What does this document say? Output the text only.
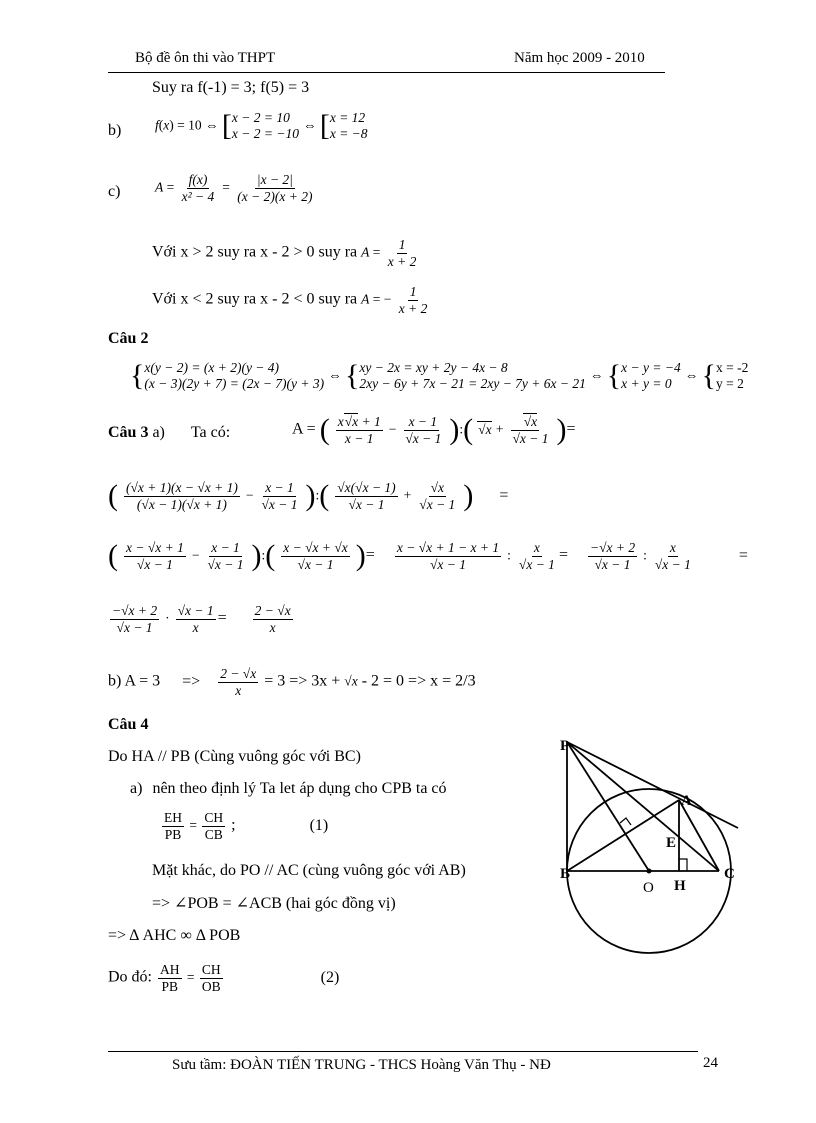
Bộ đề ôn thi vào THPT	Năm học 2009 - 2010
Suy ra f(-1) = 3; f(5) = 3
b) f(x) = 10 ⇔ [ x − 2 = 10
x − 2 = −10
⇔ [ x = 12
x = −8
c)	$A = \frac{f(x)}{\text{x² − 4}} = \frac{|x - 2|}{(x - 2)(x + 2)}$
Với x > 2 suy ra x - 2 > 0 suy ra $A = \frac{1}{x + 2}$
Với x < 2 suy ra x - 2 < 0 suy ra A = − $\frac{1}{x + 2}$
Câu 2
{ x(y − 2) = (x + 2)(y − 4)
(x − 3)(2y + 7) = (2x − 7)(y + 3)
⇔ { xy − 2x = xy + 2y − 4x − 8
2xy − 6y + 7x − 21 = 2xy − 7y + 6x − 21
⇔ { x − y = −4
x + y = 0
⇔ { x = -2
y = 2
Câu 3 a) Ta có:	A = ( $\frac{x√x + 1}{x - 1} - \frac{x - 1}{√x - 1}$ ):( $√x + \frac{√x}{√x - 1}$ )=
( $\frac{(√x + 1)(x - √x + 1)}{(√x - 1)(√x + 1)} - \frac{x - 1}{√x - 1}$ ):( $\frac{√x(√x - 1)}{√x - 1} + \frac{√x}{√x - 1}$ ) =
( $\frac{x - √x + 1}{√x - 1} - \frac{x - 1}{√x - 1}$ ):( $\frac{x - √x + √x}{√x - 1}$ )= $\frac{x - √x + 1 - x + 1}{√x - 1}$ : $\frac{x}{√x - 1} = \frac{-√x + 2}{√x - 1}$ : $\frac{x}{√x - 1}$	=
$\frac{-√x + 2}{√x - 1} \cdot \frac{√x - 1}{x} = \frac{2 - √x}{x}$
b) $A = 3 => \frac{2 - √x}{x} = 3 => 3x + √x - 2 = 0 => x = 2/3$
Câu 4
Do HA // PB (Cùng vuông góc với BC)
a) nên theo định lý Ta let áp dụng cho CPB ta có
$\frac{EH}{PB} = \frac{CH}{CB}$ ;	(1)
Mặt khác, do PO // AC (cùng vuông góc với AB)
=> ∠POB = ∠ACB (hai góc đồng vị)
=> Δ AHC ∞ Δ POB
Do đó: $\frac{AH}{PB} = \frac{CH}{OB}$	(2)
P
A
E
B
O H
C
Sưu tầm: ĐOÀN TIẾN TRUNG - THCS Hoàng Văn Thụ - NĐ	24
